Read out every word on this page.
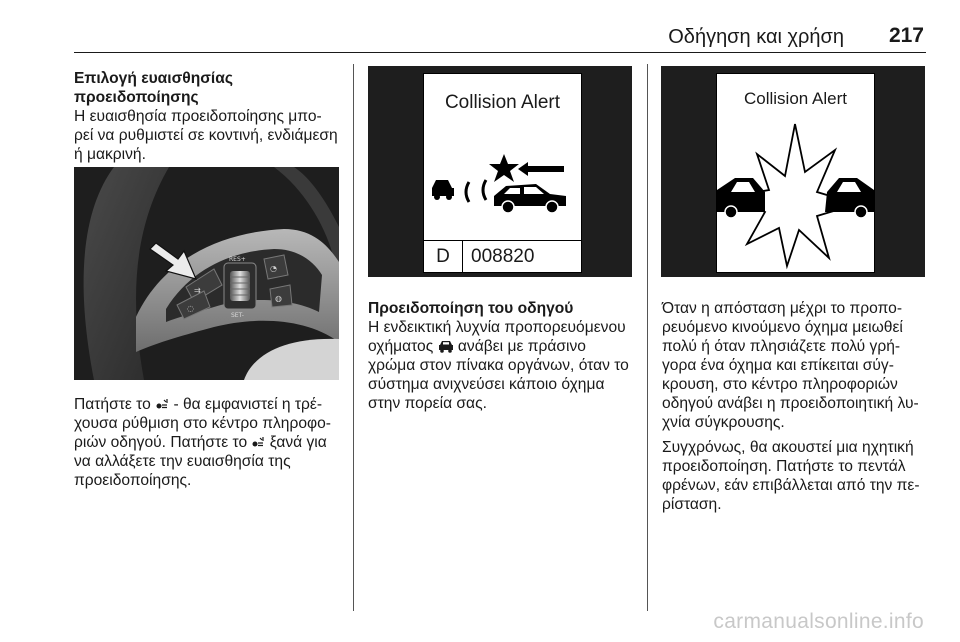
Οδήγηση και χρήση 217

Επιλογή ευαισθησίας

προειδοποίησης

Η ευαισθησία προειδοποίησης μπο-

ρεί να ρυθμιστεί σε κοντινή, ενδιάμεση

ή μακρινή.

⇉
◌
RES+
SET-
◔
◍
Πατήστε το  - θα εμφανιστεί η τρέ-
χουσα ρύθμιση στο κέντρο πληροφο-
ριών οδηγού. Πατήστε το  ξανά για
να αλλάξετε την ευαισθησία της
προειδοποίησης.
Collision Alert
D	008820

Προειδοποίηση του οδηγού

Η ενδεικτική λυχνία προπορευόμενου
οχήματος  ανάβει με πράσινο
χρώμα στον πίνακα οργάνων, όταν το
σύστημα ανιχνεύσει κάποιο όχημα
στην πορεία σας.
Collision Alert
Όταν η απόσταση μέχρι το προπο-
ρευόμενο κινούμενο όχημα μειωθεί
πολύ ή όταν πλησιάζετε πολύ γρή-
γορα ένα όχημα και επίκειται σύγ-
κρουση, στο κέντρο πληροφοριών
οδηγού ανάβει η προειδοποιητική λυ-
χνία σύγκρουσης.
Συγχρόνως, θα ακουστεί μια ηχητική
προειδοποίηση. Πατήστε το πεντάλ
φρένων, εάν επιβάλλεται από την πε-
ρίσταση.
carmanualsonline.info
